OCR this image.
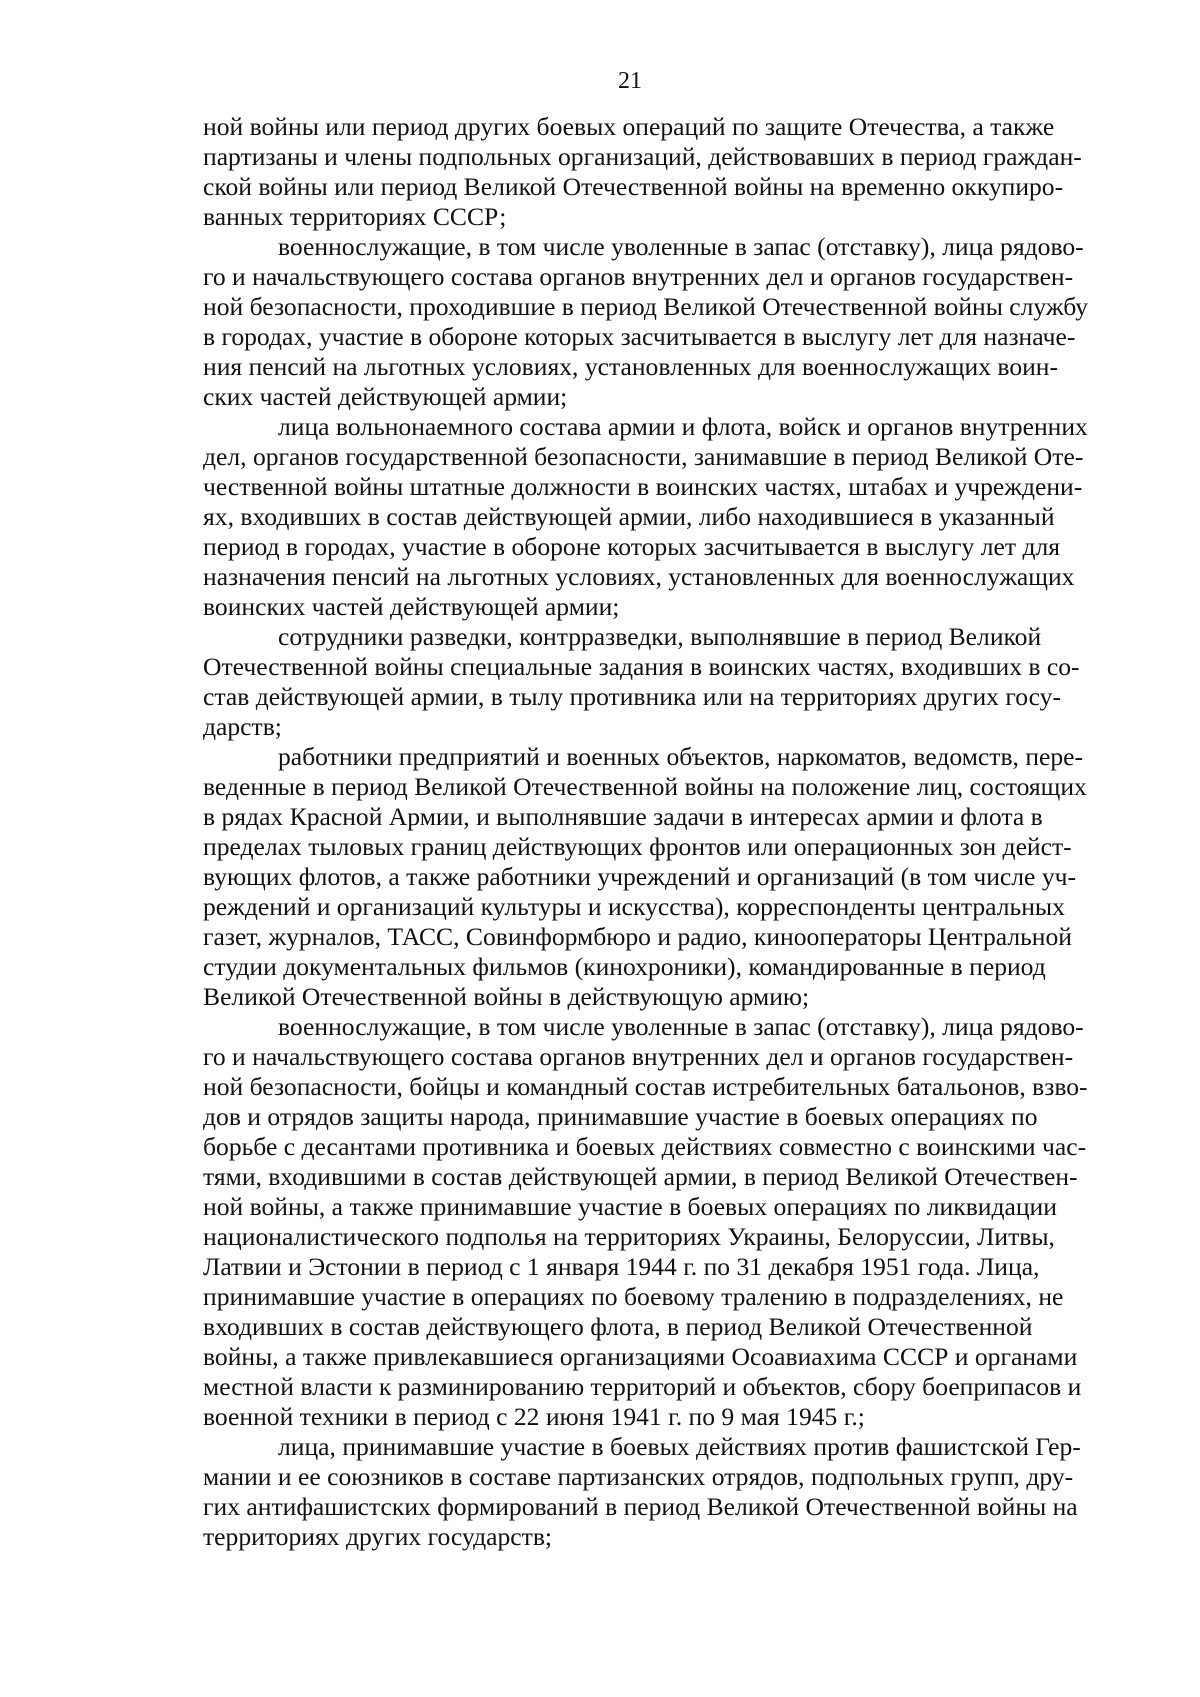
21

ной войны или период других боевых операций по защите Отечества, а также
партизаны и члены подпольных организаций, действовавших в период граждан-
ской войны или период Великой Отечественной войны на временно оккупиро-
ванных территориях СССР;

военнослужащие, в том числе уволенные в запас (отставку), лица рядово-
го и начальствующего состава органов внутренних дел и органов государствен-
ной безопасности, проходившие в период Великой Отечественной войны службу
в городах, участие в обороне которых засчитывается в выслугу лет для назначе-
ния пенсий на льготных условиях, установленных для военнослужащих воин-
ских частей действующей армии;

лица вольнонаемного состава армии и флота, войск и органов внутренних
дел, органов государственной безопасности, занимавшие в период Великой Оте-
чественной войны штатные должности в воинских частях, штабах и учреждени-
ях, входивших в состав действующей армии, либо находившиеся в указанный
период в городах, участие в обороне которых засчитывается в выслугу лет для
назначения пенсий на льготных условиях, установленных для военнослужащих
воинских частей действующей армии;

сотрудники разведки, контрразведки, выполнявшие в период Великой
Отечественной войны специальные задания в воинских частях, входивших в со-
став действующей армии, в тылу противника или на территориях других госу-
дарств;

работники предприятий и военных объектов, наркоматов, ведомств, пере-
веденные в период Великой Отечественной войны на положение лиц, состоящих
в рядах Красной Армии, и выполнявшие задачи в интересах армии и флота в
пределах тыловых границ действующих фронтов или операционных зон дейст-
вующих флотов, а также работники учреждений и организаций (в том числе уч-
реждений и организаций культуры и искусства), корреспонденты центральных
газет, журналов, ТАСС, Совинформбюро и радио, кинооператоры Центральной
студии документальных фильмов (кинохроники), командированные в период
Великой Отечественной войны в действующую армию;

военнослужащие, в том числе уволенные в запас (отставку), лица рядово-
го и начальствующего состава органов внутренних дел и органов государствен-
ной безопасности, бойцы и командный состав истребительных батальонов, взво-
дов и отрядов защиты народа, принимавшие участие в боевых операциях по
борьбе с десантами противника и боевых действиях совместно с воинскими час-
тями, входившими в состав действующей армии, в период Великой Отечествен-
ной войны, а также принимавшие участие в боевых операциях по ликвидации
националистического подполья на территориях Украины, Белоруссии, Литвы,
Латвии и Эстонии в период с 1 января 1944 г. по 31 декабря 1951 года. Лица,
принимавшие участие в операциях по боевому тралению в подразделениях, не
входивших в состав действующего флота, в период Великой Отечественной
войны, а также привлекавшиеся организациями Осоавиахима СССР и органами
местной власти к разминированию территорий и объектов, сбору боеприпасов и
военной техники в период с 22 июня 1941 г. по 9 мая 1945 г.;

лица, принимавшие участие в боевых действиях против фашистской Гер-
мании и ее союзников в составе партизанских отрядов, подпольных групп, дру-
гих антифашистских формирований в период Великой Отечественной войны на
территориях других государств;
